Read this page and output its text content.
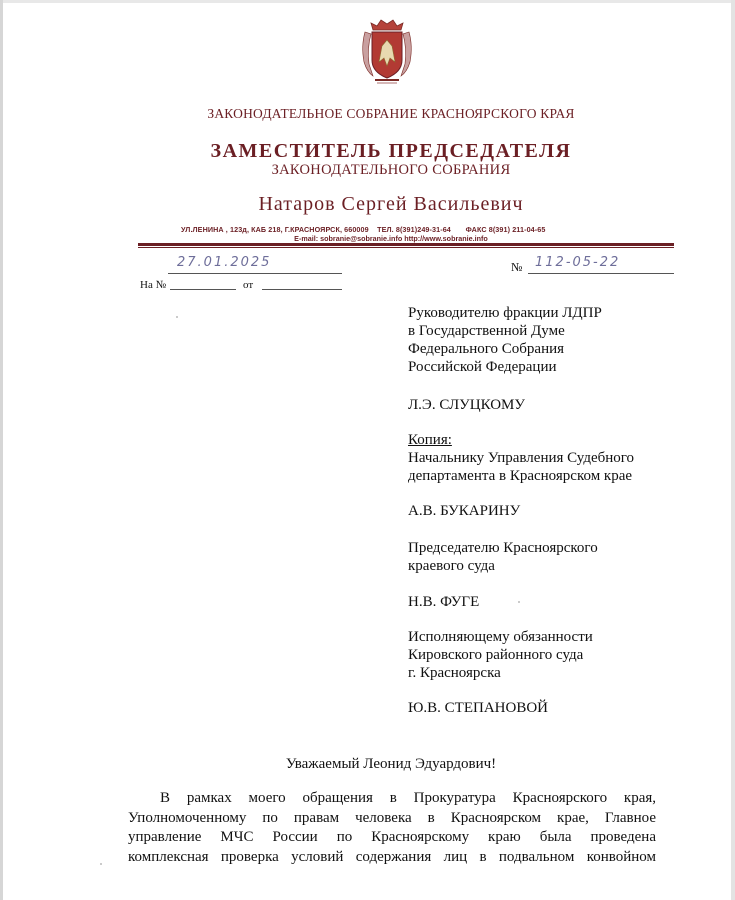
ЗАКОНОДАТЕЛЬНОЕ СОБРАНИЕ КРАСНОЯРСКОГО КРАЯ
ЗАМЕСТИТЕЛЬ ПРЕДСЕДАТЕЛЯ
ЗАКОНОДАТЕЛЬНОГО СОБРАНИЯ
Натаров Сергей Васильевич
УЛ.ЛЕНИНА , 123д, КАБ 218, Г.КРАСНОЯРСК, 660009 ТЕЛ. 8(391)249-31-64 ФАКС 8(391) 211-04-65
E-mail: sobranie@sobranie.info http://www.sobranie.info
27.01.2025	№ 112-05-22
На №	от
Руководителю фракции ЛДПР
в Государственной Думе
Федерального Собрания
Российской Федерации
Л.Э. СЛУЦКОМУ
Копия:
Начальнику Управления Судебного
департамента в Красноярском крае
А.В. БУКАРИНУ
Председателю Красноярского
краевого суда
Н.В. ФУГЕ
Исполняющему обязанности
Кировского районного суда
г. Красноярска
Ю.В. СТЕПАНОВОЙ
Уважаемый Леонид Эдуардович!
В рамках моего обращения в Прокуратура Красноярского края,
Уполномоченному по правам человека в Красноярском крае, Главное
управление МЧС России по Красноярскому краю была проведена
комплексная проверка условий содержания лиц в подвальном конвойном
